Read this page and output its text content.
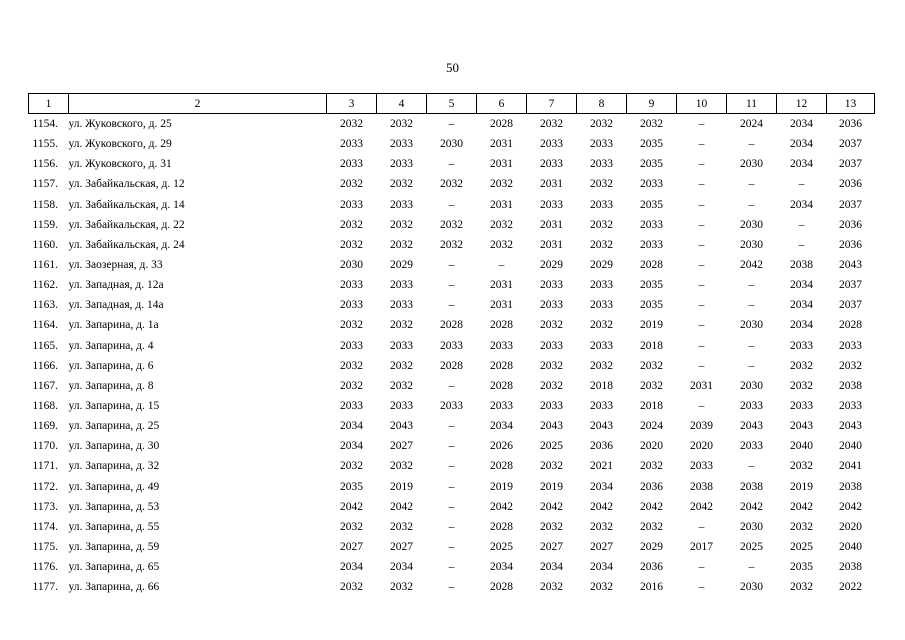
50
1	2	3	4	5	6	7	8	9	10	11	12	13
1154.	ул. Жуковского, д. 25	2032	2032	–	2028	2032	2032	2032	–	2024	2034	2036
1155.	ул. Жуковского, д. 29	2033	2033	2030	2031	2033	2033	2035	–	–	2034	2037
1156.	ул. Жуковского, д. 31	2033	2033	–	2031	2033	2033	2035	–	2030	2034	2037
1157.	ул. Забайкальская, д. 12	2032	2032	2032	2032	2031	2032	2033	–	–	–	2036
1158.	ул. Забайкальская, д. 14	2033	2033	–	2031	2033	2033	2035	–	–	2034	2037
1159.	ул. Забайкальская, д. 22	2032	2032	2032	2032	2031	2032	2033	–	2030	–	2036
1160.	ул. Забайкальская, д. 24	2032	2032	2032	2032	2031	2032	2033	–	2030	–	2036
1161.	ул. Заозерная, д. 33	2030	2029	–	–	2029	2029	2028	–	2042	2038	2043
1162.	ул. Западная, д. 12а	2033	2033	–	2031	2033	2033	2035	–	–	2034	2037
1163.	ул. Западная, д. 14а	2033	2033	–	2031	2033	2033	2035	–	–	2034	2037
1164.	ул. Запарина, д. 1а	2032	2032	2028	2028	2032	2032	2019	–	2030	2034	2028
1165.	ул. Запарина, д. 4	2033	2033	2033	2033	2033	2033	2018	–	–	2033	2033
1166.	ул. Запарина, д. 6	2032	2032	2028	2028	2032	2032	2032	–	–	2032	2032
1167.	ул. Запарина, д. 8	2032	2032	–	2028	2032	2018	2032	2031	2030	2032	2038
1168.	ул. Запарина, д. 15	2033	2033	2033	2033	2033	2033	2018	–	2033	2033	2033
1169.	ул. Запарина, д. 25	2034	2043	–	2034	2043	2043	2024	2039	2043	2043	2043
1170.	ул. Запарина, д. 30	2034	2027	–	2026	2025	2036	2020	2020	2033	2040	2040
1171.	ул. Запарина, д. 32	2032	2032	–	2028	2032	2021	2032	2033	–	2032	2041
1172.	ул. Запарина, д. 49	2035	2019	–	2019	2019	2034	2036	2038	2038	2019	2038
1173.	ул. Запарина, д. 53	2042	2042	–	2042	2042	2042	2042	2042	2042	2042	2042
1174.	ул. Запарина, д. 55	2032	2032	–	2028	2032	2032	2032	–	2030	2032	2020
1175.	ул. Запарина, д. 59	2027	2027	–	2025	2027	2027	2029	2017	2025	2025	2040
1176.	ул. Запарина, д. 65	2034	2034	–	2034	2034	2034	2036	–	–	2035	2038
1177.	ул. Запарина, д. 66	2032	2032	–	2028	2032	2032	2016	–	2030	2032	2022
